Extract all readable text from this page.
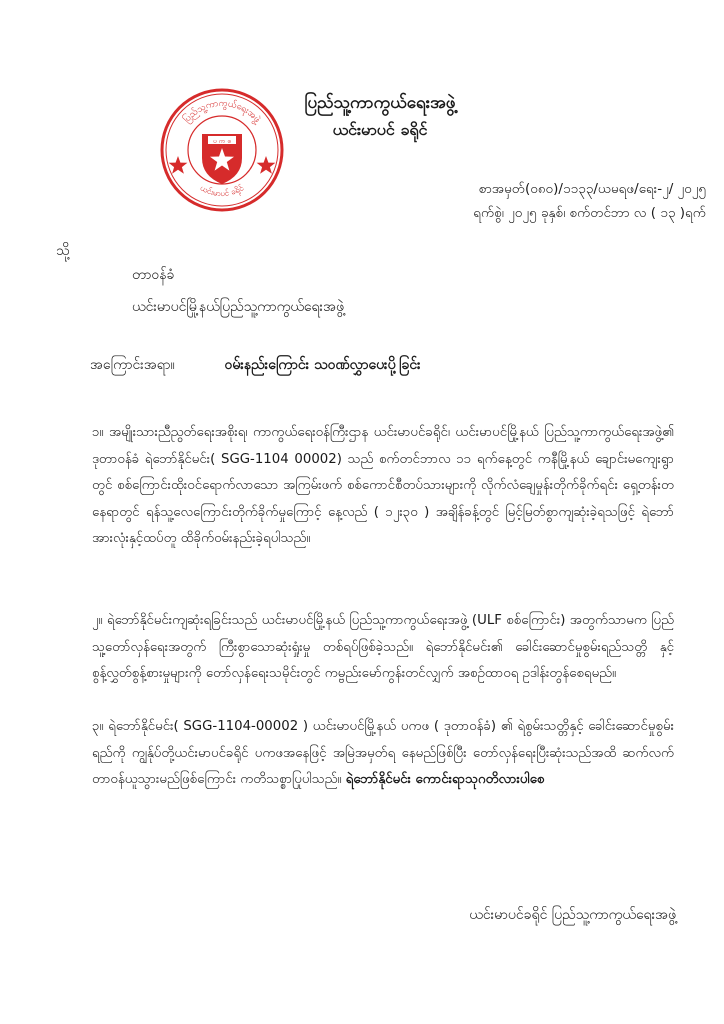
ပြည်သူ့ကာကွယ်ရေးအဖွဲ့
ယင်းမာပင် ခရိုင်
ပ က ဖ
ပြည်သူ့ကာကွယ်ရေးအဖွဲ့
ယင်းမာပင် ခရိုင်
စာအမှတ်(၀၈၀)/၁၁၃၃/ယမရဖ/ရေး-၂/ ၂၀၂၅
ရက်စွဲ၊ ၂၀၂၅ ခုနှစ်၊ စက်တင်ဘာ လ ( ၁၃ )ရက်
သို့
တာဝန်ခံ
ယင်းမာပင်မြို့နယ်ပြည်သူ့ကာကွယ်ရေးအဖွဲ့
အကြောင်းအရာ။	ဝမ်းနည်းကြောင်း သဝဏ်လွှာပေးပို့ခြင်း

၁။ အမျိုးသားညီညွတ်ရေးအစိုးရ၊ ကာကွယ်ရေးဝန်ကြီးဌာန ယင်းမာပင်ခရိုင်၊ ယင်းမာပင်မြို့နယ် ပြည်သူ့ကာကွယ်ရေးအဖွဲ့၏ ဒုတာဝန်ခံ ရဲဘော်နိုင်မင်း( SGG-1104 00002) သည် စက်တင်ဘာလ ၁၁ ရက်နေ့တွင် ကနီမြို့နယ် ချောင်းမကျေးရွာတွင် စစ်ကြောင်းထိုးဝင်ရောက်လာသော အကြမ်းဖက် စစ်ကောင်စီတပ်သားများကို လိုက်လံချေမှုန်းတိုက်ခိုက်ရင်း ရှေ့တန်းတနေရာတွင် ရန်သူ့လေကြောင်းတိုက်ခိုက်မှုကြောင့် နေ့လည် ( ၁၂း၃၀ ) အချိန်ခန့်တွင် မြင့်မြတ်စွာကျဆုံးခဲ့ရသဖြင့် ရဲဘော်အားလုံးနှင့်ထပ်တူ ထိခိုက်ဝမ်းနည်းခဲ့ရပါသည်။

၂။ ရဲဘော်နိုင်မင်းကျဆုံးရခြင်းသည် ယင်းမာပင်မြို့နယ် ပြည်သူ့ကာကွယ်ရေးအဖွဲ့ (ULF စစ်ကြောင်း) အတွက်သာမက ပြည်သူ့တော်လှန်ရေးအတွက် ကြီးစွာသောဆုံးရှုံးမှု တစ်ရပ်ဖြစ်ခဲ့သည်။ ရဲဘော်နိုင်မင်း၏ ခေါင်းဆောင်မှုစွမ်းရည်သတ္တိ နှင့် စွန့်လွှတ်စွန့်စားမှုများကို တော်လှန်ရေးသမိုင်းတွင် ကမ္ဗည်းမော်ကွန်းတင်လျှက် အစဉ်ထာဝရ ဥဒါန်းတွန်စေရမည်။

၃။ ရဲဘော်နိုင်မင်း( SGG-1104-00002 ) ယင်းမာပင်မြို့နယ် ပကဖ ( ဒုတာဝန်ခံ) ၏ ရဲစွမ်းသတ္တိနှင့် ခေါင်းဆောင်မှုစွမ်းရည်ကို ကျွန်ုပ်တို့ယင်းမာပင်ခရိုင် ပကဖအနေဖြင့် အမြဲအမှတ်ရ နေမည်ဖြစ်ပြီး တော်လှန်ရေးပြီးဆုံးသည်အထိ ဆက်လက်တာဝန်ယူသွားမည်ဖြစ်ကြောင်း ကတိသစ္စာပြုပါသည်။ ရဲဘော်နိုင်မင်း ကောင်းရာသုဂတိလားပါစေ

ယင်းမာပင်ခရိုင် ပြည်သူ့ကာကွယ်ရေးအဖွဲ့
